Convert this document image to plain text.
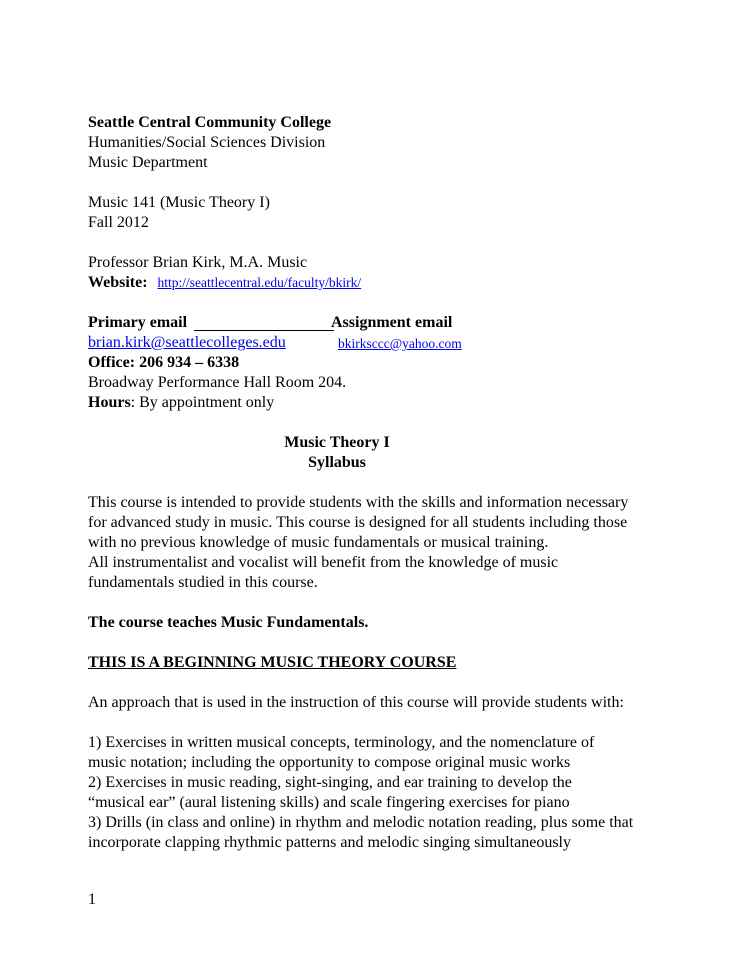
Seattle Central Community College
Humanities/Social Sciences Division
Music Department
Music 141 (Music Theory I)
Fall 2012
Professor Brian Kirk, M.A. Music
Website: http://seattlecentral.edu/faculty/bkirk/
Primary email	Assignment email
brian.kirk@seattlecolleges.edu	bkirksccc@yahoo.com
Office: 206 934 – 6338
Broadway Performance Hall Room 204.
Hours: By appointment only
Music Theory I
Syllabus
This course is intended to provide students with the skills and information necessary
for advanced study in music. This course is designed for all students including those
with no previous knowledge of music fundamentals or musical training.
All instrumentalist and vocalist will benefit from the knowledge of music
fundamentals studied in this course.
The course teaches Music Fundamentals.
THIS IS A BEGINNING MUSIC THEORY COURSE
An approach that is used in the instruction of this course will provide students with:
1) Exercises in written musical concepts, terminology, and the nomenclature of
music notation; including the opportunity to compose original music works
2) Exercises in music reading, sight-singing, and ear training to develop the
“musical ear” (aural listening skills) and scale fingering exercises for piano
3) Drills (in class and online) in rhythm and melodic notation reading, plus some that
incorporate clapping rhythmic patterns and melodic singing simultaneously
1
